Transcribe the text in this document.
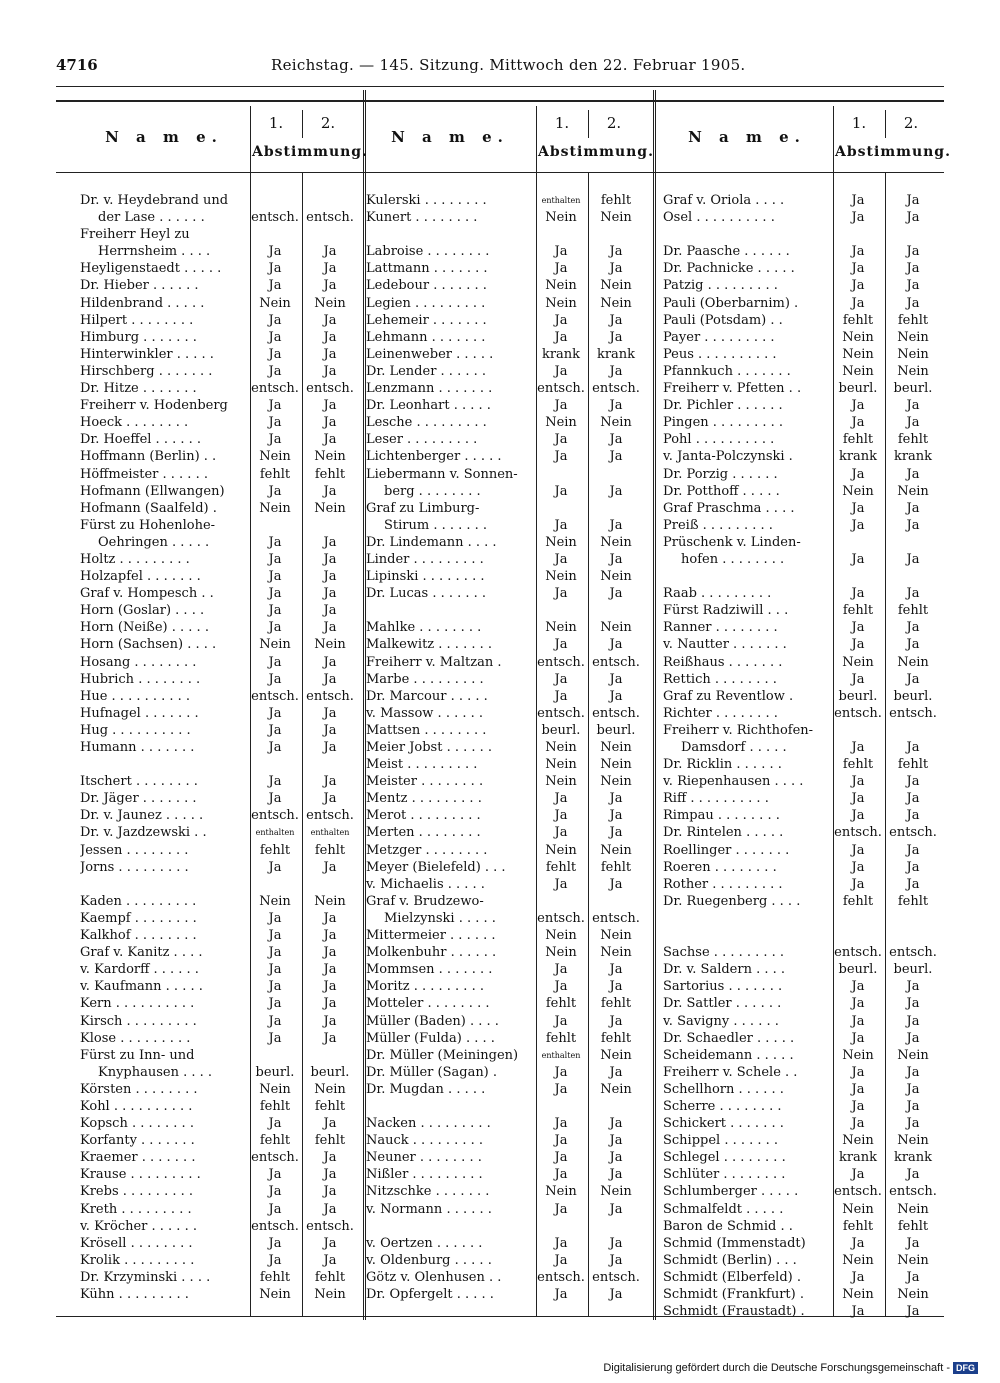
4716	Reichstag. — 145. Sitzung. Mittwoch den 22. Februar 1905.
N a m e.
1.	2.
Abstimmung.
Dr. v. Heydebrand und
der Lase . . . . . .	entsch. entsch.
Freiherr Heyl zu
Herrnsheim . . . .	Ja	Ja
Heyligenstaedt . . . . .	Ja	Ja
Dr. Hieber . . . . . .	Ja	Ja
Hildenbrand . . . . .	Nein	Nein
Hilpert . . . . . . . .	Ja	Ja
Himburg . . . . . . .	Ja	Ja
Hinterwinkler . . . . .	Ja	Ja
Hirschberg . . . . . . .	Ja	Ja
Dr. Hitze . . . . . . .	entsch. entsch.
Freiherr v. Hodenberg	Ja	Ja
Hoeck . . . . . . . .	Ja	Ja
Dr. Hoeffel . . . . . .	Ja	Ja
Hoffmann (Berlin) . .	Nein	Nein
Höffmeister . . . . . .	fehlt	fehlt
Hofmann (Ellwangen)	Ja	Ja
Hofmann (Saalfeld) .	Nein	Nein
Fürst zu Hohenlohe-
Oehringen . . . . .	Ja	Ja
Holtz . . . . . . . . .	Ja	Ja
Holzapfel . . . . . . .	Ja	Ja
Graf v. Hompesch . .	Ja	Ja
Horn (Goslar) . . . .	Ja	Ja
Horn (Neiße) . . . . .	Ja	Ja
Horn (Sachsen) . . . .	Nein	Nein
Hosang . . . . . . . .	Ja	Ja
Hubrich . . . . . . . .	Ja	Ja
Hue . . . . . . . . . .	entsch. entsch.
Hufnagel . . . . . . .	Ja	Ja
Hug . . . . . . . . . .	Ja	Ja
Humann . . . . . . .	Ja	Ja
Itschert . . . . . . . .	Ja	Ja
Dr. Jäger . . . . . . .	Ja	Ja
Dr. v. Jaunez . . . . .	entsch. entsch.
Dr. v. Jazdzewski . .	enthalten	enthalten
Jessen . . . . . . . .	fehlt	fehlt
Jorns . . . . . . . . .	Ja	Ja
Kaden . . . . . . . . .	Nein	Nein
Kaempf . . . . . . . .	Ja	Ja
Kalkhof . . . . . . . .	Ja	Ja
Graf v. Kanitz . . . .	Ja	Ja
v. Kardorff . . . . . .	Ja	Ja
v. Kaufmann . . . . .	Ja	Ja
Kern . . . . . . . . . .	Ja	Ja
Kirsch . . . . . . . . .	Ja	Ja
Klose . . . . . . . . .	Ja	Ja
Fürst zu Inn- und
Knyphausen . . . .	beurl.	beurl.
Körsten . . . . . . . .	Nein	Nein
Kohl . . . . . . . . . .	fehlt	fehlt
Kopsch . . . . . . . .	Ja	Ja
Korfanty . . . . . . .	fehlt	fehlt
Kraemer . . . . . . .	entsch.	Ja
Krause . . . . . . . . .	Ja	Ja
Krebs . . . . . . . . .	Ja	Ja
Kreth . . . . . . . . .	Ja	Ja
v. Kröcher . . . . . .	entsch. entsch.
Krösell . . . . . . . .	Ja	Ja
Krolik . . . . . . . . .	Ja	Ja
Dr. Krzyminski . . . .	fehlt	fehlt
Kühn . . . . . . . . .	Nein	Nein
N a m e.
1.	2.
Abstimmung.
Kulerski . . . . . . . .	enthalten	fehlt
Kunert . . . . . . . .	Nein	Nein
Labroise . . . . . . . .	Ja	Ja
Lattmann . . . . . . .	Ja	Ja
Ledebour . . . . . . .	Nein	Nein
Legien . . . . . . . . .	Nein	Nein
Lehemeir . . . . . . .	Ja	Ja
Lehmann . . . . . . .	Ja	Ja
Leinenweber . . . . .	krank	krank
Dr. Lender . . . . . .	Ja	Ja
Lenzmann . . . . . . .	entsch. entsch.
Dr. Leonhart . . . . .	Ja	Ja
Lesche . . . . . . . . .	Nein	Nein
Leser . . . . . . . . .	Ja	Ja
Lichtenberger . . . . .	Ja	Ja
Liebermann v. Sonnen-
berg . . . . . . . .	Ja	Ja
Graf zu Limburg-
Stirum . . . . . . .	Ja	Ja
Dr. Lindemann . . . .	Nein	Nein
Linder . . . . . . . . .	Ja	Ja
Lipinski . . . . . . . .	Nein	Nein
Dr. Lucas . . . . . . .	Ja	Ja
Mahlke . . . . . . . .	Nein	Nein
Malkewitz . . . . . . .	Ja	Ja
Freiherr v. Maltzan .	entsch. entsch.
Marbe . . . . . . . . .	Ja	Ja
Dr. Marcour . . . . .	Ja	Ja
v. Massow . . . . . .	entsch. entsch.
Mattsen . . . . . . . .	beurl.	beurl.
Meier Jobst . . . . . .	Nein	Nein
Meist . . . . . . . . .	Nein	Nein
Meister . . . . . . . .	Nein	Nein
Mentz . . . . . . . . .	Ja	Ja
Merot . . . . . . . . .	Ja	Ja
Merten . . . . . . . .	Ja	Ja
Metzger . . . . . . . .	Nein	Nein
Meyer (Bielefeld) . . .	fehlt	fehlt
v. Michaelis . . . . .	Ja	Ja
Graf v. Brudzewo-
Mielzynski . . . . .	entsch. entsch.
Mittermeier . . . . . .	Nein	Nein
Molkenbuhr . . . . . .	Nein	Nein
Mommsen . . . . . . .	Ja	Ja
Moritz . . . . . . . . .	Ja	Ja
Motteler . . . . . . . .	fehlt	fehlt
Müller (Baden) . . . .	Ja	Ja
Müller (Fulda) . . . .	fehlt	fehlt
Dr. Müller (Meiningen)	enthalten	Nein
Dr. Müller (Sagan) .	Ja	Ja
Dr. Mugdan . . . . .	Ja	Nein
Nacken . . . . . . . . .	Ja	Ja
Nauck . . . . . . . . .	Ja	Ja
Neuner . . . . . . . .	Ja	Ja
Nißler . . . . . . . . .	Ja	Ja
Nitzschke . . . . . . .	Nein	Nein
v. Normann . . . . . .	Ja	Ja
v. Oertzen . . . . . .	Ja	Ja
v. Oldenburg . . . . .	Ja	Ja
Götz v. Olenhusen . .	entsch. entsch.
Dr. Opfergelt . . . . .	Ja	Ja
N a m e.
1.	2.
Abstimmung.
Graf v. Oriola . . . .	Ja	Ja
Osel . . . . . . . . . .	Ja	Ja
Dr. Paasche . . . . . .	Ja	Ja
Dr. Pachnicke . . . . .	Ja	Ja
Patzig . . . . . . . . .	Ja	Ja
Pauli (Oberbarnim) .	Ja	Ja
Pauli (Potsdam) . .	fehlt	fehlt
Payer . . . . . . . . .	Nein	Nein
Peus . . . . . . . . . .	Nein	Nein
Pfannkuch . . . . . . .	Nein	Nein
Freiherr v. Pfetten . .	beurl.	beurl.
Dr. Pichler . . . . . .	Ja	Ja
Pingen . . . . . . . . .	Ja	Ja
Pohl . . . . . . . . . .	fehlt	fehlt
v. Janta-Polczynski .	krank	krank
Dr. Porzig . . . . . .	Ja	Ja
Dr. Potthoff . . . . .	Nein	Nein
Graf Praschma . . . .	Ja	Ja
Preiß . . . . . . . . .	Ja	Ja
Prüschenk v. Linden-
hofen . . . . . . . .	Ja	Ja
Raab . . . . . . . . .	Ja	Ja
Fürst Radziwill . . .	fehlt	fehlt
Ranner . . . . . . . .	Ja	Ja
v. Nautter . . . . . . .	Ja	Ja
Reißhaus . . . . . . .	Nein	Nein
Rettich . . . . . . . .	Ja	Ja
Graf zu Reventlow .	beurl.	beurl.
Richter . . . . . . . .	entsch. entsch.
Freiherr v. Richthofen-
Damsdorf . . . . .	Ja	Ja
Dr. Ricklin . . . . . .	fehlt	fehlt
v. Riepenhausen . . . .	Ja	Ja
Riff . . . . . . . . . .	Ja	Ja
Rimpau . . . . . . . .	Ja	Ja
Dr. Rintelen . . . . .	entsch. entsch.
Roellinger . . . . . . .	Ja	Ja
Roeren . . . . . . . .	Ja	Ja
Rother . . . . . . . . .	Ja	Ja
Dr. Ruegenberg . . . .	fehlt	fehlt
Sachse . . . . . . . . .	entsch. entsch.
Dr. v. Saldern . . . .	beurl.	beurl.
Sartorius . . . . . . .	Ja	Ja
Dr. Sattler . . . . . .	Ja	Ja
v. Savigny . . . . . .	Ja	Ja
Dr. Schaedler . . . . .	Ja	Ja
Scheidemann . . . . .	Nein	Nein
Freiherr v. Schele . .	Ja	Ja
Schellhorn . . . . . .	Ja	Ja
Scherre . . . . . . . .	Ja	Ja
Schickert . . . . . . .	Ja	Ja
Schippel . . . . . . .	Nein	Nein
Schlegel . . . . . . . .	krank	krank
Schlüter . . . . . . . .	Ja	Ja
Schlumberger . . . . .	entsch. entsch.
Schmalfeldt . . . . .	Nein	Nein
Baron de Schmid . .	fehlt	fehlt
Schmid (Immenstadt)	Ja	Ja
Schmidt (Berlin) . . .	Nein	Nein
Schmidt (Elberfeld) .	Ja	Ja
Schmidt (Frankfurt) .	Nein	Nein
Schmidt (Fraustadt) .	Ja	Ja
Digitalisierung gefördert durch die Deutsche Forschungsgemeinschaft - DFG
